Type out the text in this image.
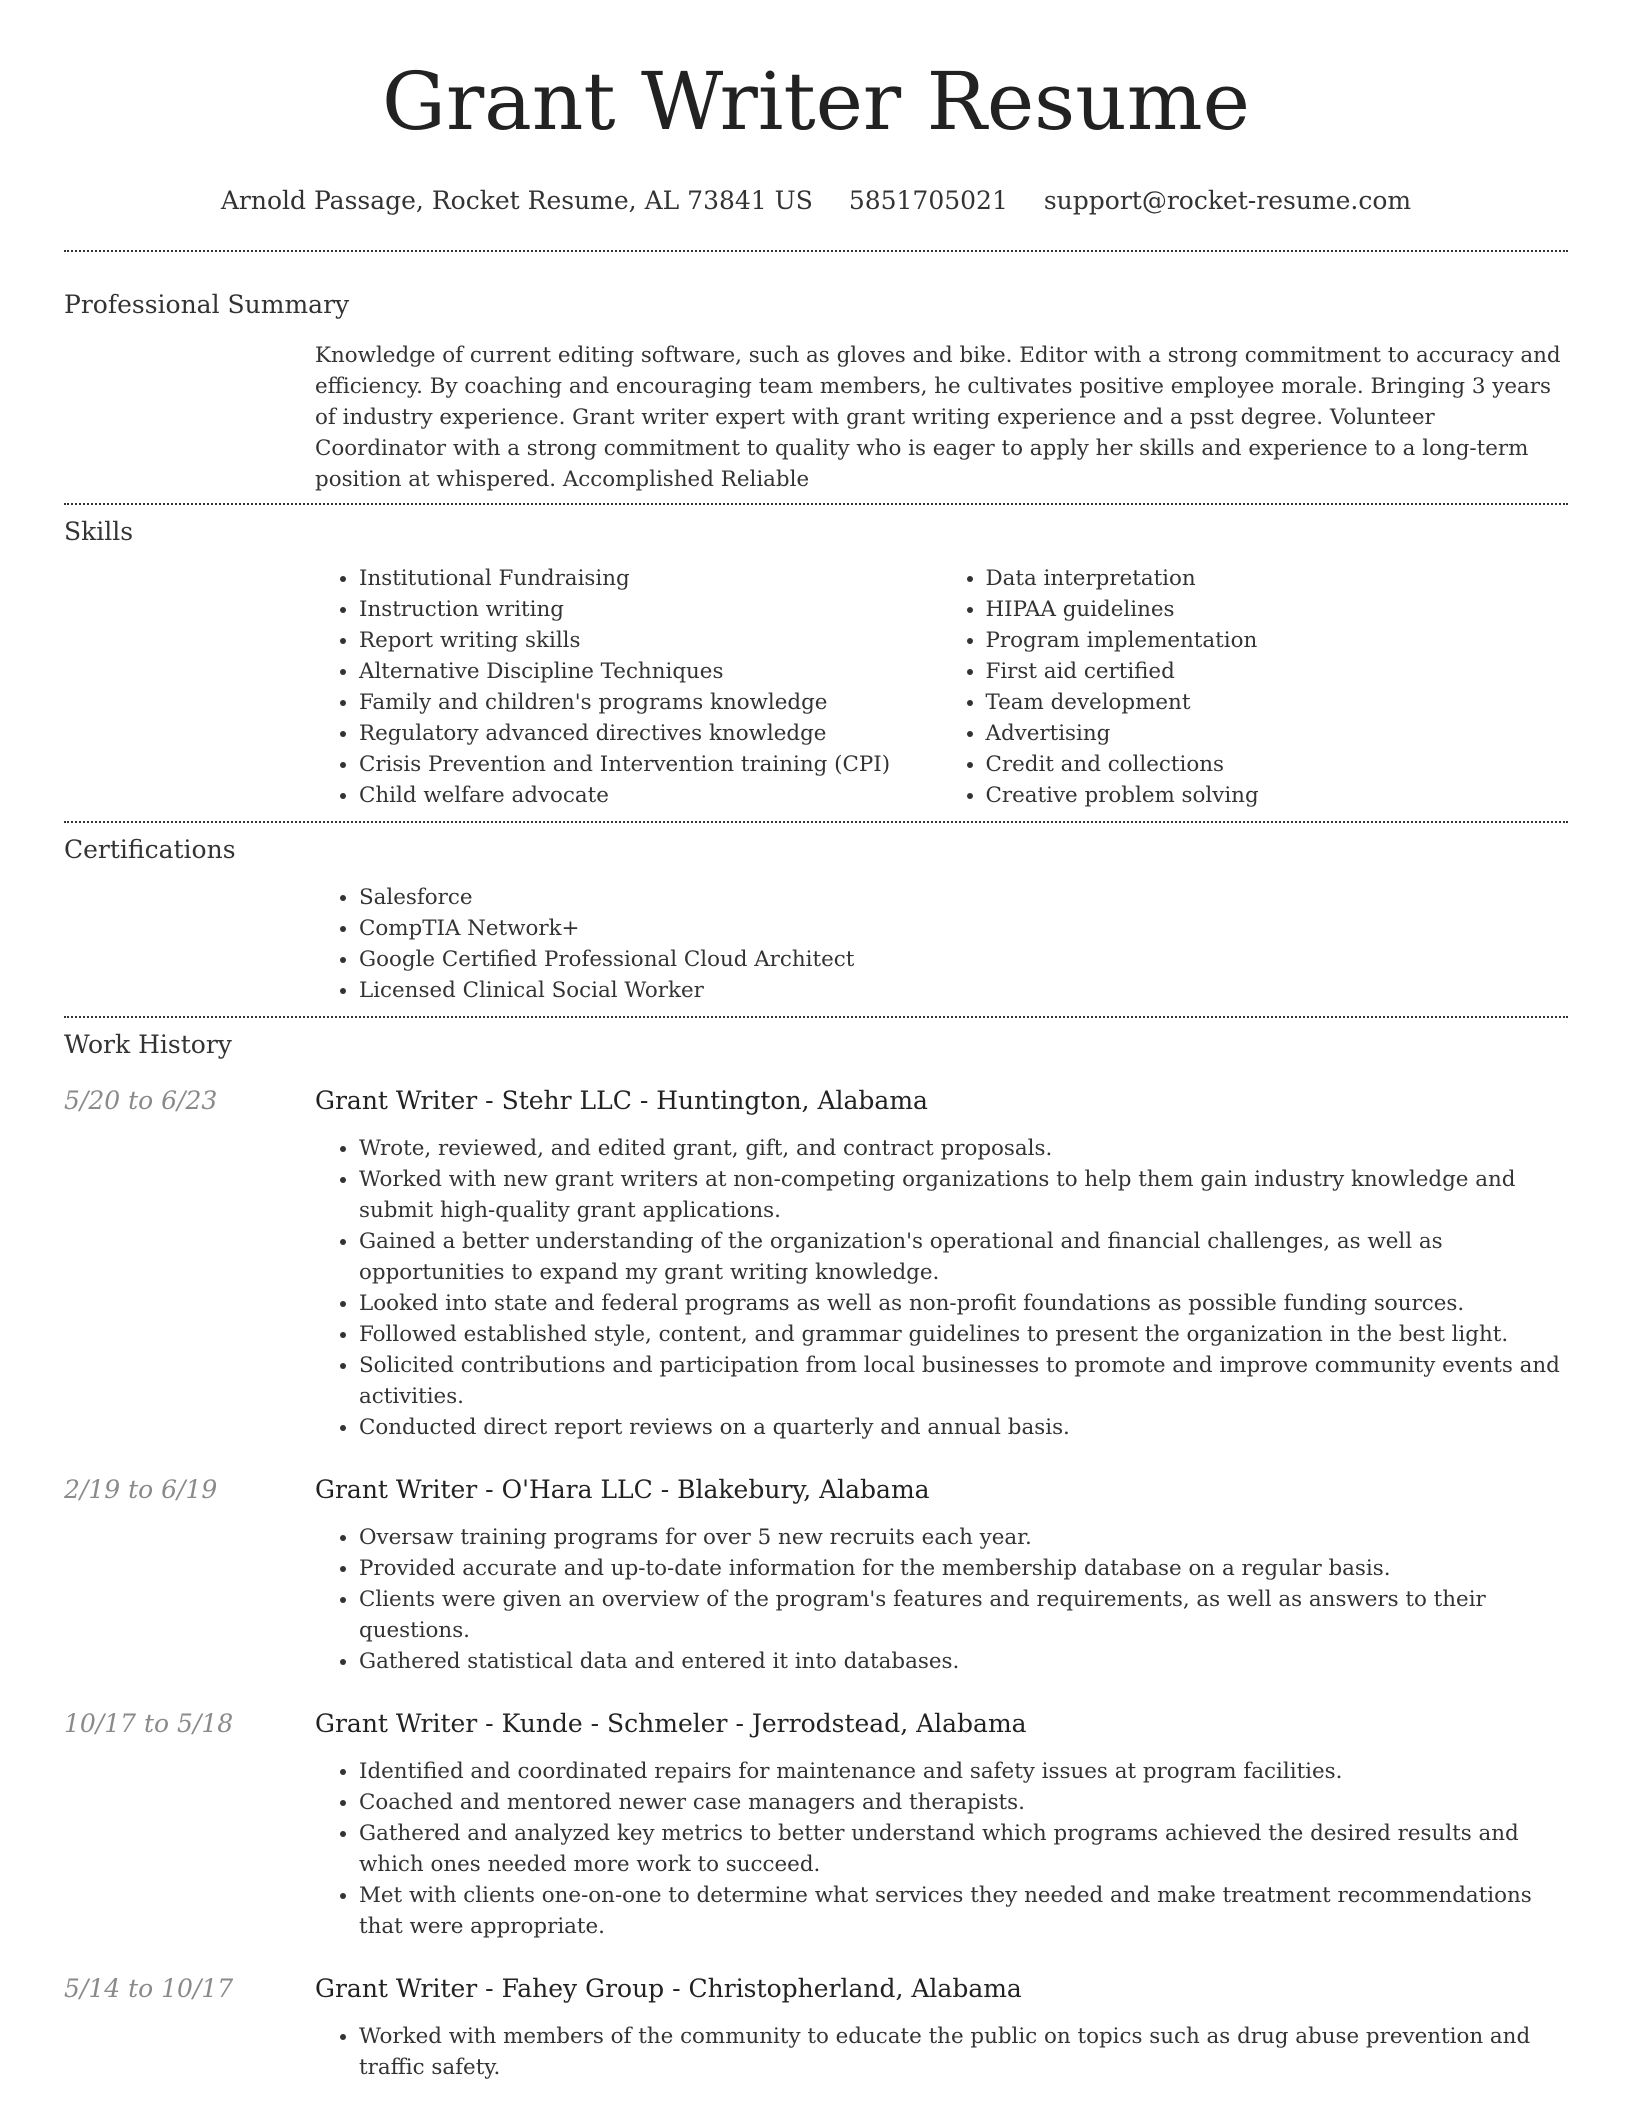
Grant Writer Resume
Arnold Passage, Rocket Resume, AL 73841 US 5851705021 support@rocket-resume.com
Professional Summary
Knowledge of current editing software, such as gloves and bike. Editor with a strong commitment to accuracy and efficiency. By coaching and encouraging team members, he cultivates positive employee morale. Bringing 3 years of industry experience. Grant writer expert with grant writing experience and a psst degree. Volunteer Coordinator with a strong commitment to quality who is eager to apply her skills and experience to a long-term position at whispered. Accomplished Reliable
Skills
• Institutional Fundraising
• Instruction writing
• Report writing skills
• Alternative Discipline Techniques
• Family and children's programs knowledge
• Regulatory advanced directives knowledge
• Crisis Prevention and Intervention training (CPI)
• Child welfare advocate
• Data interpretation
• HIPAA guidelines
• Program implementation
• First aid certified
• Team development
• Advertising
• Credit and collections
• Creative problem solving
Certifications
• Salesforce
• CompTIA Network+
• Google Certified Professional Cloud Architect
• Licensed Clinical Social Worker
Work History
5/20 to 6/23	Grant Writer - Stehr LLC - Huntington, Alabama
• Wrote, reviewed, and edited grant, gift, and contract proposals.
• Worked with new grant writers at non-competing organizations to help them gain industry knowledge and submit high-quality grant applications.
• Gained a better understanding of the organization's operational and financial challenges, as well as opportunities to expand my grant writing knowledge.
• Looked into state and federal programs as well as non-profit foundations as possible funding sources.
• Followed established style, content, and grammar guidelines to present the organization in the best light.
• Solicited contributions and participation from local businesses to promote and improve community events and activities.
• Conducted direct report reviews on a quarterly and annual basis.
2/19 to 6/19	Grant Writer - O'Hara LLC - Blakebury, Alabama
• Oversaw training programs for over 5 new recruits each year.
• Provided accurate and up-to-date information for the membership database on a regular basis.
• Clients were given an overview of the program's features and requirements, as well as answers to their questions.
• Gathered statistical data and entered it into databases.
10/17 to 5/18	Grant Writer - Kunde - Schmeler - Jerrodstead, Alabama
• Identified and coordinated repairs for maintenance and safety issues at program facilities.
• Coached and mentored newer case managers and therapists.
• Gathered and analyzed key metrics to better understand which programs achieved the desired results and which ones needed more work to succeed.
• Met with clients one-on-one to determine what services they needed and make treatment recommendations that were appropriate.
5/14 to 10/17	Grant Writer - Fahey Group - Christopherland, Alabama
• Worked with members of the community to educate the public on topics such as drug abuse prevention and traffic safety.
